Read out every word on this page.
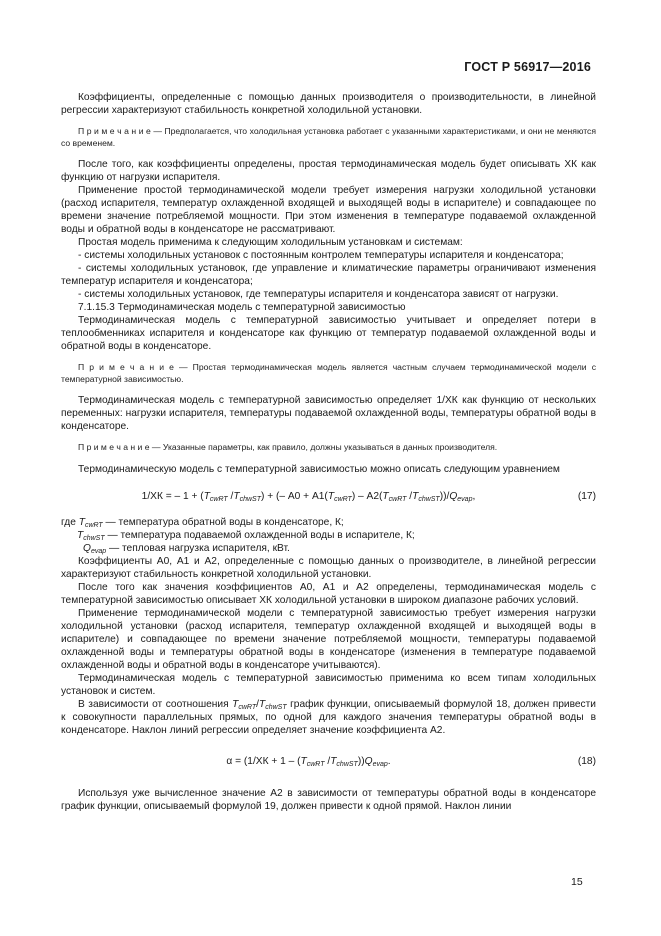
ГОСТ Р 56917—2016

Коэффициенты, определенные с помощью данных производителя о производительности, в линейной регрессии характеризуют стабильность конкретной холодильной установки.

П р и м е ч а н и е — Предполагается, что холодильная установка работает с указанными характеристиками, и они не меняются со временем.

После того, как коэффициенты определены, простая термодинамическая модель будет описывать ХК как функцию от нагрузки испарителя.

Применение простой термодинамической модели требует измерения нагрузки холодильной установки (расход испарителя, температур охлажденной входящей и выходящей воды в испарителе) и совпадающее по времени значение потребляемой мощности. При этом изменения в температуре подаваемой охлажденной воды и обратной воды в конденсаторе не рассматривают.

Простая модель применима к следующим холодильным установкам и системам:

- системы холодильных установок с постоянным контролем температуры испарителя и конденсатора;

- системы холодильных установок, где управление и климатические параметры ограничивают изменения температур испарителя и конденсатора;

- системы холодильных установок, где температуры испарителя и конденсатора зависят от нагрузки.

7.1.15.3 Термодинамическая модель с температурной зависимостью

Термодинамическая модель с температурной зависимостью учитывает и определяет потери в теплообменниках испарителя и конденсаторе как функцию от температур подаваемой охлажденной воды и обратной воды в конденсаторе.

П р и м е ч а н и е — Простая термодинамическая модель является частным случаем термодинамической модели с температурной зависимостью.

Термодинамическая модель с температурной зависимостью определяет 1/ХК как функцию от нескольких переменных: нагрузки испарителя, температуры подаваемой охлажденной воды, температуры обратной воды в конденсаторе.

П р и м е ч а н и е — Указанные параметры, как правило, должны указываться в данных производителя.

Термодинамическую модель с температурной зависимостью можно описать следующим уравнением

1/ХК = – $1 + (T_{cwRT}$ $/T_{chwST}$) + (– $А0 + А1(T_{cwRT}) - А2(T_{cwRT}$ $/T_{chwST}))/Q_{evap}$,	(17)

где $T_{cwRT}$ — температура обратной воды в конденсаторе, К;

$T_{chwST}$ — температура подаваемой охлажденной воды в испарителе, К;

$Q_{evap}$ — тепловая нагрузка испарителя, кВт.

Коэффициенты А0, А1 и А2, определенные с помощью данных о производителе, в линейной регрессии характеризуют стабильность конкретной холодильной установки.

После того как значения коэффициентов А0, А1 и А2 определены, термодинамическая модель с температурной зависимостью описывает ХК холодильной установки в широком диапазоне рабочих условий.

Применение термодинамической модели с температурной зависимостью требует измерения нагрузки холодильной установки (расход испарителя, температур охлажденной входящей и выходящей воды в испарителе) и совпадающее по времени значение потребляемой мощности, температуры подаваемой охлажденной воды и температуры обратной воды в конденсаторе (изменения в температуре подаваемой охлажденной воды и обратной воды в конденсаторе учитываются).

Термодинамическая модель с температурной зависимостью применима ко всем типам холодильных установок и систем.

В зависимости от соотношения $T_{cwRT}/T_{chwST}$ график функции, описываемый формулой 18, должен привести к совокупности параллельных прямых, по одной для каждого значения температуры обратной воды в конденсаторе. Наклон линий регрессии определяет значение коэффициента А2.

$\alpha = (1/ХК + 1 - (T_{cwRT}$ $/T_{chwST}))Q_{evap}$.	(18)

Используя уже вычисленное значение А2 в зависимости от температуры обратной воды в конденсаторе график функции, описываемый формулой 19, должен привести к одной прямой. Наклон линии

15
